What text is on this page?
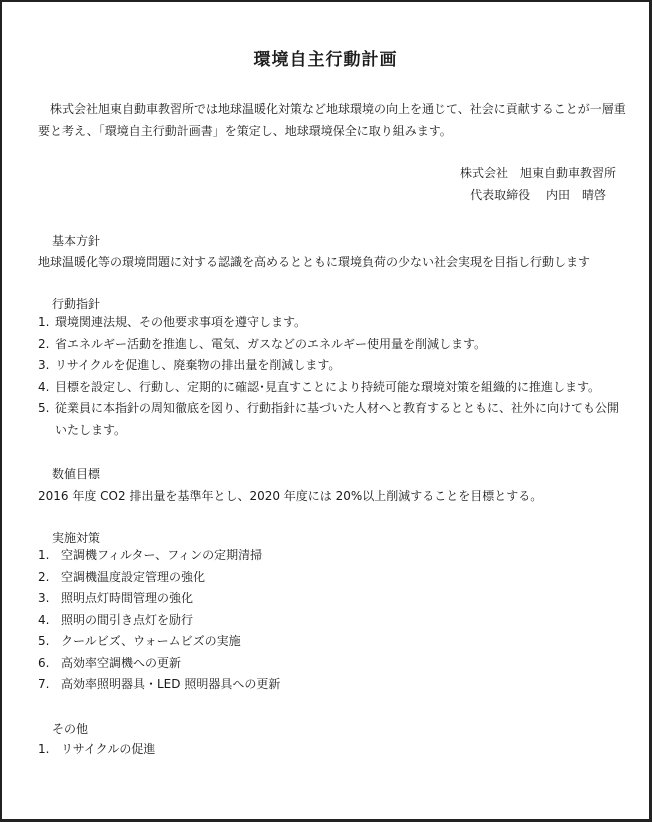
環境自主行動計画

株式会社旭東自動車教習所では地球温暖化対策など地球環境の向上を通じて、社会に貢献することが一層重要と考え、「環境自主行動計画書」を策定し、地球環境保全に取り組みます。

株式会社　旭東自動車教習所
代表取締役　 内田　晴啓
基本方針
地球温暖化等の環境問題に対する認識を高めるとともに環境負荷の少ない社会実現を目指し行動します
行動指針
1. 環境関連法規、その他要求事項を遵守します。
2. 省エネルギー活動を推進し、電気、ガスなどのエネルギー使用量を削減します。
3. リサイクルを促進し、廃棄物の排出量を削減します。
4. 目標を設定し、行動し、定期的に確認･見直すことにより持続可能な環境対策を組織的に推進します。
5. 従業員に本指針の周知徹底を図り、行動指針に基づいた人材へと教育するとともに、社外に向けても公開いたします。
数値目標
2016 年度 CO2 排出量を基準年とし、2020 年度には 20%以上削減することを目標とする。
実施対策
1. 空調機フィルター、フィンの定期清掃
2. 空調機温度設定管理の強化
3. 照明点灯時間管理の強化
4. 照明の間引き点灯を励行
5. クールビズ、ウォームビズの実施
6. 高効率空調機への更新
7. 高効率照明器具・LED 照明器具への更新
その他
1. リサイクルの促進
